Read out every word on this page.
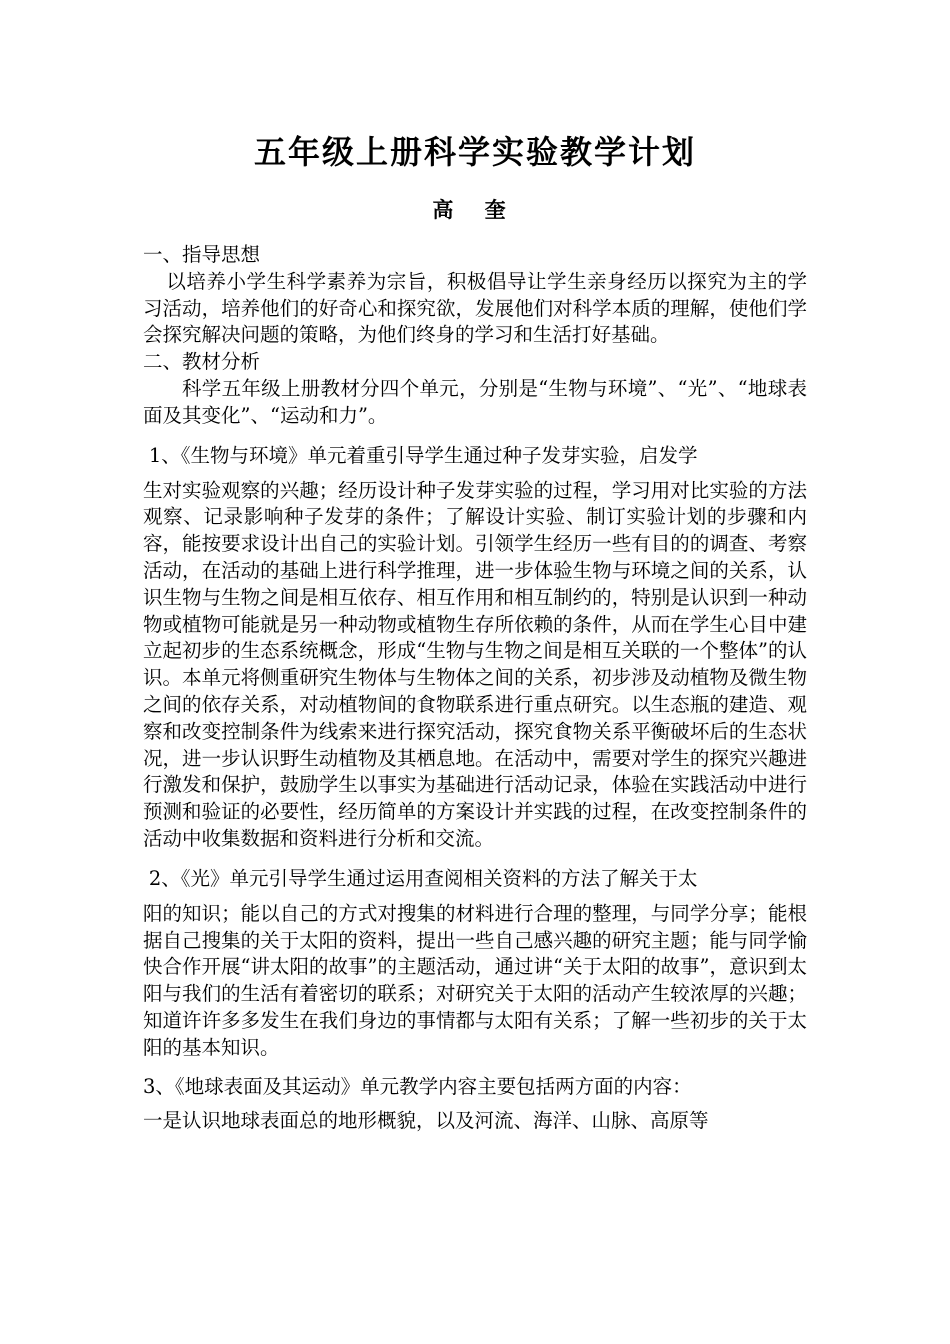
五年级上册科学实验教学计划
高 奎

一、指导思想

以培养小学生科学素养为宗旨，积极倡导让学生亲身经历以探究为主的学习活动，培养他们的好奇心和探究欲，发展他们对科学本质的理解，使他们学会探究解决问题的策略，为他们终身的学习和生活打好基础。

二、教材分析

科学五年级上册教材分四个单元，分别是“生物与环境”、“光”、“地球表面及其变化”、“运动和力”。

1、《生物与环境》单元着重引导学生通过种子发芽实验，启发学

生对实验观察的兴趣；经历设计种子发芽实验的过程，学习用对比实验的方法观察、记录影响种子发芽的条件；了解设计实验、制订实验计划的步骤和内容，能按要求设计出自己的实验计划。引领学生经历一些有目的的调查、考察活动，在活动的基础上进行科学推理，进一步体验生物与环境之间的关系，认识生物与生物之间是相互依存、相互作用和相互制约的，特别是认识到一种动物或植物可能就是另一种动物或植物生存所依赖的条件，从而在学生心目中建立起初步的生态系统概念，形成“生物与生物之间是相互关联的一个整体”的认识。本单元将侧重研究生物体与生物体之间的关系，初步涉及动植物及微生物之间的依存关系，对动植物间的食物联系进行重点研究。以生态瓶的建造、观察和改变控制条件为线索来进行探究活动，探究食物关系平衡破坏后的生态状况，进一步认识野生动植物及其栖息地。在活动中，需要对学生的探究兴趣进行激发和保护，鼓励学生以事实为基础进行活动记录，体验在实践活动中进行预测和验证的必要性，经历简单的方案设计并实践的过程，在改变控制条件的活动中收集数据和资料进行分析和交流。

2、《光》单元引导学生通过运用查阅相关资料的方法了解关于太

阳的知识；能以自己的方式对搜集的材料进行合理的整理，与同学分享；能根据自己搜集的关于太阳的资料，提出一些自己感兴趣的研究主题；能与同学愉快合作开展“讲太阳的故事”的主题活动，通过讲“关于太阳的故事”，意识到太阳与我们的生活有着密切的联系；对研究关于太阳的活动产生较浓厚的兴趣；知道许许多多发生在我们身边的事情都与太阳有关系；了解一些初步的关于太阳的基本知识。

3、《地球表面及其运动》单元教学内容主要包括两方面的内容：

一是认识地球表面总的地形概貌，以及河流、海洋、山脉、高原等
